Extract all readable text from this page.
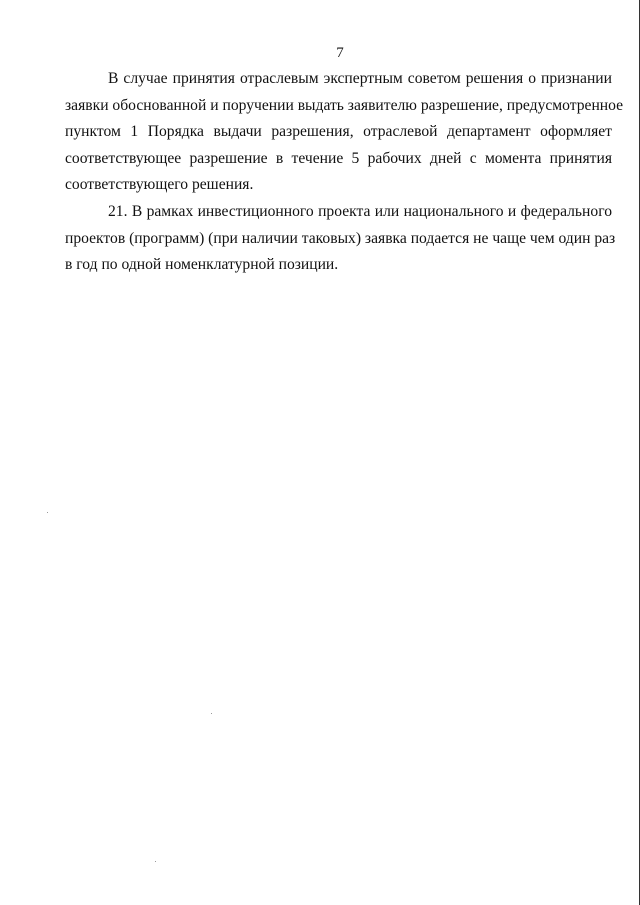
7

В случае принятия отраслевым экспертным советом решения о признании
заявки обоснованной и поручении выдать заявителю разрешение, предусмотренное
пунктом 1 Порядка выдачи разрешения, отраслевой департамент оформляет
соответствующее разрешение в течение 5 рабочих дней с момента принятия
соответствующего решения.

21. В рамках инвестиционного проекта или национального и федерального
проектов (программ) (при наличии таковых) заявка подается не чаще чем один раз
в год по одной номенклатурной позиции.
